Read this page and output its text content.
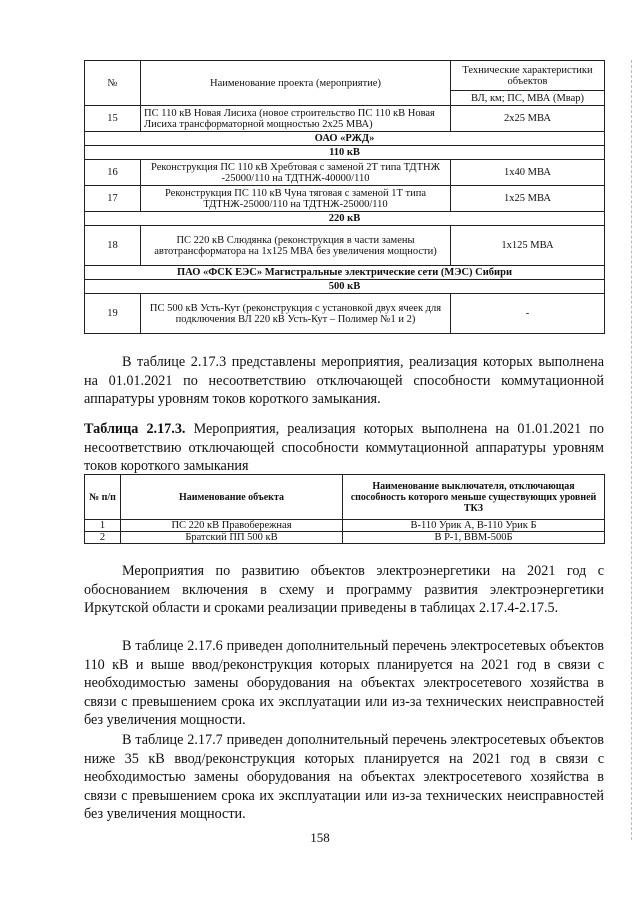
№	Наименование проекта (мероприятие)	Технические характеристики объектов
		ВЛ, км; ПС, МВА (Мвар)
15	ПС 110 кВ Новая Лисиха (новое строительство ПС 110 кВ Новая Лисиха трансформаторной мощностью 2х25 МВА)	2х25 МВА
ОАО «РЖД»		
110 кВ		
16	Реконструкция ПС 110 кВ Хребтовая с заменой 2Т типа ТДТНЖ -25000/110 на ТДТНЖ-40000/110	1х40 МВА
17	Реконструкция ПС 110 кВ Чуна тяговая с заменой 1Т типа ТДТНЖ-25000/110 на ТДТНЖ-25000/110	1х25 МВА
220 кВ		
18	ПС 220 кВ Слюдянка (реконструкция в части замены автотрансформатора на 1х125 МВА без увеличения мощности)	1х125 МВА
ПАО «ФСК ЕЭС» Магистральные электрические сети (МЭС) Сибири		
500 кВ		
19	ПС 500 кВ Усть-Кут (реконструкция с установкой двух ячеек для подключения ВЛ 220 кВ Усть-Кут – Полимер №1 и 2)	-

В таблице 2.17.3 представлены мероприятия, реализация которых выполнена на 01.01.2021 по несоответствию отключающей способности коммутационной аппаратуры уровням токов короткого замыкания.

Таблица 2.17.3. Мероприятия, реализация которых выполнена на 01.01.2021 по несоответствию отключающей способности коммутационной аппаратуры уровням токов короткого замыкания

№ п/п	Наименование объекта	Наименование выключателя, отключающая способность которого меньше существующих уровней ТКЗ
1	ПС 220 кВ Правобережная	В-110 Урик А, В-110 Урик Б
2	Братский ПП 500 кВ	В Р-1, ВВМ-500Б

Мероприятия по развитию объектов электроэнергетики на 2021 год с обоснованием включения в схему и программу развития электроэнергетики Иркутской области и сроками реализации приведены в таблицах 2.17.4-2.17.5.

В таблице 2.17.6 приведен дополнительный перечень электросетевых объектов 110 кВ и выше ввод/реконструкция которых планируется на 2021 год в связи с необходимостью замены оборудования на объектах электросетевого хозяйства в связи с превышением срока их эксплуатации или из-за технических неисправностей без увеличения мощности.

В таблице 2.17.7 приведен дополнительный перечень электросетевых объектов ниже 35 кВ ввод/реконструкция которых планируется на 2021 год в связи с необходимостью замены оборудования на объектах электросетевого хозяйства в связи с превышением срока их эксплуатации или из-за технических неисправностей без увеличения мощности.

158
